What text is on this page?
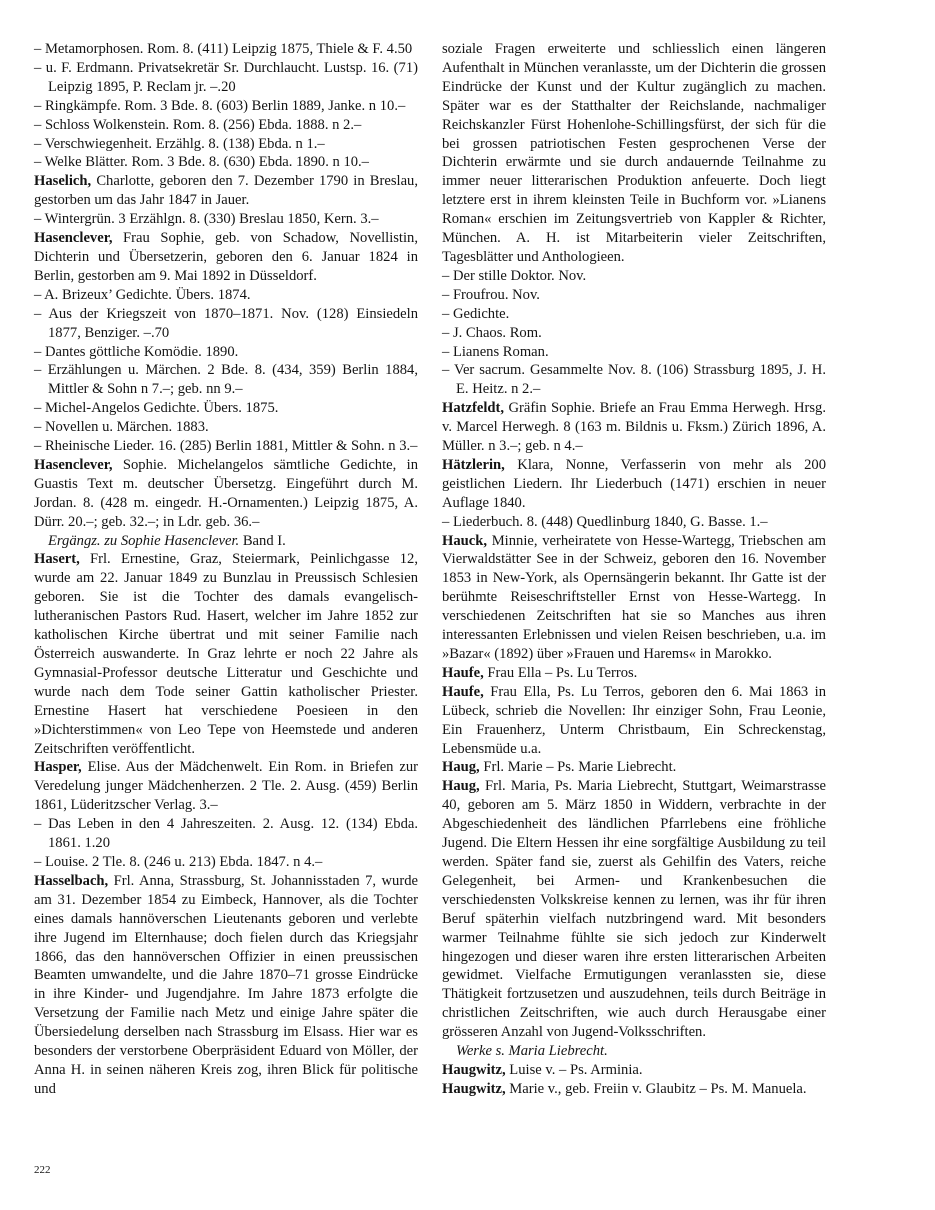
– Metamorphosen. Rom. 8. (411) Leipzig 1875, Thiele & F. 4.50

– u. F. Erdmann. Privatsekretär Sr. Durchlaucht. Lustsp. 16. (71) Leipzig 1895, P. Reclam jr. –.20

– Ringkämpfe. Rom. 3 Bde. 8. (603) Berlin 1889, Janke. n 10.–

– Schloss Wolkenstein. Rom. 8. (256) Ebda. 1888. n 2.–

– Verschwiegenheit. Erzählg. 8. (138) Ebda. n 1.–

– Welke Blätter. Rom. 3 Bde. 8. (630) Ebda. 1890. n 10.–

Haselich, Charlotte, geboren den 7. Dezember 1790 in Breslau, gestorben um das Jahr 1847 in Jauer.

– Wintergrün. 3 Erzählgn. 8. (330) Breslau 1850, Kern. 3.–

Hasenclever, Frau Sophie, geb. von Schadow, Novellistin, Dichterin und Übersetzerin, geboren den 6. Januar 1824 in Berlin, gestorben am 9. Mai 1892 in Düsseldorf.

– A. Brizeux’ Gedichte. Übers. 1874.

– Aus der Kriegszeit von 1870–1871. Nov. (128) Einsiedeln 1877, Benziger. –.70

– Dantes göttliche Komödie. 1890.

– Erzählungen u. Märchen. 2 Bde. 8. (434, 359) Berlin 1884, Mittler & Sohn n 7.–; geb. nn 9.–

– Michel-Angelos Gedichte. Übers. 1875.

– Novellen u. Märchen. 1883.

– Rheinische Lieder. 16. (285) Berlin 1881, Mittler & Sohn. n 3.–

Hasenclever, Sophie. Michelangelos sämtliche Gedichte, in Guastis Text m. deutscher Übersetzg. Eingeführt durch M. Jordan. 8. (428 m. eingedr. H.-Ornamenten.) Leipzig 1875, A. Dürr. 20.–; geb. 32.–; in Ldr. geb. 36.–

Ergängz. zu Sophie Hasenclever. Band I.

Hasert, Frl. Ernestine, Graz, Steiermark, Peinlichgasse 12, wurde am 22. Januar 1849 zu Bunzlau in Preussisch Schlesien geboren. Sie ist die Tochter des damals evangelisch-lutheranischen Pastors Rud. Hasert, welcher im Jahre 1852 zur katholischen Kirche übertrat und mit seiner Familie nach Österreich auswanderte. In Graz lehrte er noch 22 Jahre als Gymnasial-Professor deutsche Litteratur und Geschichte und wurde nach dem Tode seiner Gattin katholischer Priester. Ernestine Hasert hat verschiedene Poesieen in den »Dichterstimmen« von Leo Tepe von Heemstede und anderen Zeitschriften veröffentlicht.

Hasper, Elise. Aus der Mädchenwelt. Ein Rom. in Briefen zur Veredelung junger Mädchenherzen. 2 Tle. 2. Ausg. (459) Berlin 1861, Lüderitzscher Verlag. 3.–

– Das Leben in den 4 Jahreszeiten. 2. Ausg. 12. (134) Ebda. 1861. 1.20

– Louise. 2 Tle. 8. (246 u. 213) Ebda. 1847. n 4.–

Hasselbach, Frl. Anna, Strassburg, St. Johannisstaden 7, wurde am 31. Dezember 1854 zu Eimbeck, Hannover, als die Tochter eines damals hannöverschen Lieutenants geboren und verlebte ihre Jugend im Elternhause; doch fielen durch das Kriegsjahr 1866, das den hannöverschen Offizier in einen preussischen Beamten umwandelte, und die Jahre 1870–71 grosse Eindrücke in ihre Kinder- und Jugendjahre. Im Jahre 1873 erfolgte die Versetzung der Familie nach Metz und einige Jahre später die Übersiedelung derselben nach Strassburg im Elsass. Hier war es besonders der verstorbene Oberpräsident Eduard von Möller, der Anna H. in seinen näheren Kreis zog, ihren Blick für politische und

soziale Fragen erweiterte und schliesslich einen längeren Aufenthalt in München veranlasste, um der Dichterin die grossen Eindrücke der Kunst und der Kultur zugänglich zu machen. Später war es der Statthalter der Reichslande, nachmaliger Reichskanzler Fürst Hohenlohe-Schillingsfürst, der sich für die bei grossen patriotischen Festen gesprochenen Verse der Dichterin erwärmte und sie durch andauernde Teilnahme zu immer neuer litterarischen Produktion anfeuerte. Doch liegt letztere erst in ihrem kleinsten Teile in Buchform vor. »Lianens Roman« erschien im Zeitungsvertrieb von Kappler & Richter, München. A. H. ist Mitarbeiterin vieler Zeitschriften, Tagesblätter und Anthologieen.

– Der stille Doktor. Nov.

– Froufrou. Nov.

– Gedichte.

– J. Chaos. Rom.

– Lianens Roman.

– Ver sacrum. Gesammelte Nov. 8. (106) Strassburg 1895, J. H. E. Heitz. n 2.–

Hatzfeldt, Gräfin Sophie. Briefe an Frau Emma Herwegh. Hrsg. v. Marcel Herwegh. 8 (163 m. Bildnis u. Fksm.) Zürich 1896, A. Müller. n 3.–; geb. n 4.–

Hätzlerin, Klara, Nonne, Verfasserin von mehr als 200 geistlichen Liedern. Ihr Liederbuch (1471) erschien in neuer Auflage 1840.

– Liederbuch. 8. (448) Quedlinburg 1840, G. Basse. 1.–

Hauck, Minnie, verheiratete von Hesse-Wartegg, Triebschen am Vierwaldstätter See in der Schweiz, geboren den 16. November 1853 in New-York, als Opernsängerin bekannt. Ihr Gatte ist der berühmte Reiseschriftsteller Ernst von Hesse-Wartegg. In verschiedenen Zeitschriften hat sie so Manches aus ihren interessanten Erlebnissen und vielen Reisen beschrieben, u.a. im »Bazar« (1892) über »Frauen und Harems« in Marokko.

Haufe, Frau Ella – Ps. Lu Terros.

Haufe, Frau Ella, Ps. Lu Terros, geboren den 6. Mai 1863 in Lübeck, schrieb die Novellen: Ihr einziger Sohn, Frau Leonie, Ein Frauenherz, Unterm Christbaum, Ein Schreckenstag, Lebensmüde u.a.

Haug, Frl. Marie – Ps. Marie Liebrecht.

Haug, Frl. Maria, Ps. Maria Liebrecht, Stuttgart, Weimarstrasse 40, geboren am 5. März 1850 in Widdern, verbrachte in der Abgeschiedenheit des ländlichen Pfarrlebens eine fröhliche Jugend. Die Eltern Hessen ihr eine sorgfältige Ausbildung zu teil werden. Später fand sie, zuerst als Gehilfin des Vaters, reiche Gelegenheit, bei Armen- und Krankenbesuchen die verschiedensten Volkskreise kennen zu lernen, was ihr für ihren Beruf späterhin vielfach nutzbringend ward. Mit besonders warmer Teilnahme fühlte sie sich jedoch zur Kinderwelt hingezogen und dieser waren ihre ersten litterarischen Arbeiten gewidmet. Vielfache Ermutigungen veranlassten sie, diese Thätigkeit fortzusetzen und auszudehnen, teils durch Beiträge in christlichen Zeitschriften, wie auch durch Herausgabe einer grösseren Anzahl von Jugend-Volksschriften.

Werke s. Maria Liebrecht.

Haugwitz, Luise v. – Ps. Arminia.

Haugwitz, Marie v., geb. Freiin v. Glaubitz – Ps. M. Manuela.

222
